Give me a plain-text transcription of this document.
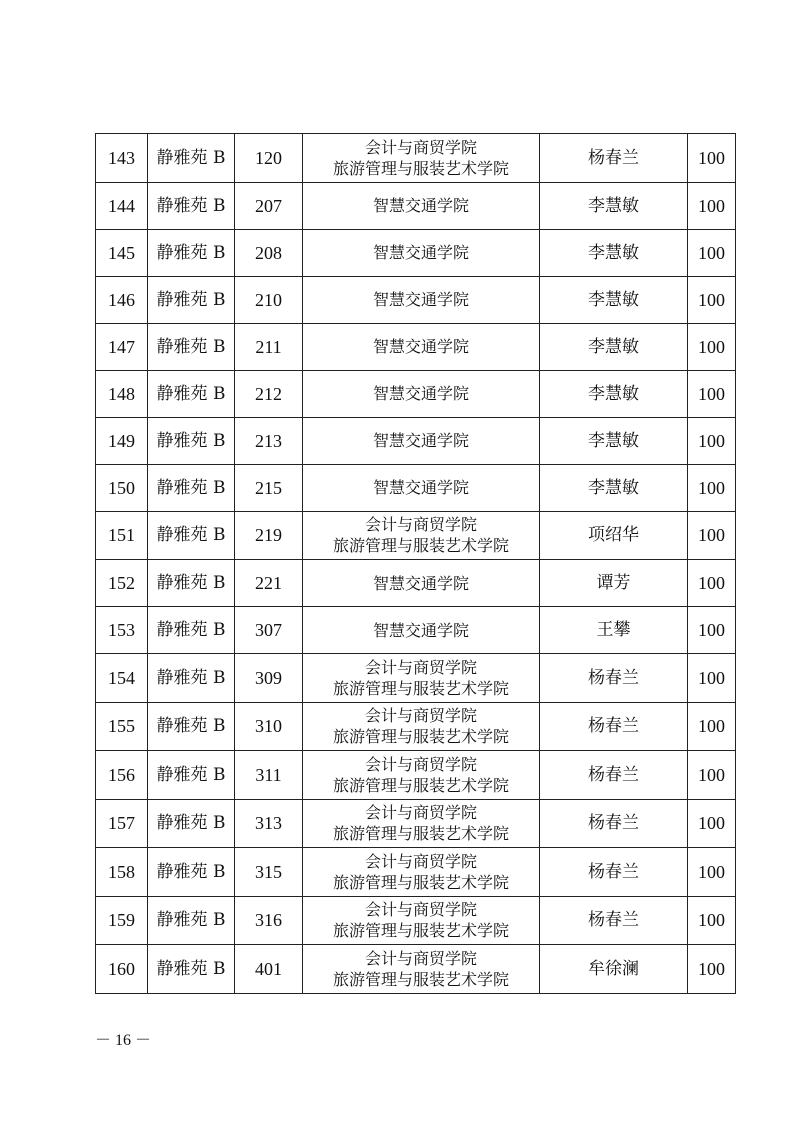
143	静雅苑 B	120	会计与商贸学院
旅游管理与服装艺术学院	杨春兰	100
144	静雅苑 B	207	智慧交通学院	李慧敏	100
145	静雅苑 B	208	智慧交通学院	李慧敏	100
146	静雅苑 B	210	智慧交通学院	李慧敏	100
147	静雅苑 B	211	智慧交通学院	李慧敏	100
148	静雅苑 B	212	智慧交通学院	李慧敏	100
149	静雅苑 B	213	智慧交通学院	李慧敏	100
150	静雅苑 B	215	智慧交通学院	李慧敏	100
151	静雅苑 B	219	会计与商贸学院
旅游管理与服装艺术学院	项绍华	100
152	静雅苑 B	221	智慧交通学院	谭芳	100
153	静雅苑 B	307	智慧交通学院	王攀	100
154	静雅苑 B	309	会计与商贸学院
旅游管理与服装艺术学院	杨春兰	100
155	静雅苑 B	310	会计与商贸学院
旅游管理与服装艺术学院	杨春兰	100
156	静雅苑 B	311	会计与商贸学院
旅游管理与服装艺术学院	杨春兰	100
157	静雅苑 B	313	会计与商贸学院
旅游管理与服装艺术学院	杨春兰	100
158	静雅苑 B	315	会计与商贸学院
旅游管理与服装艺术学院	杨春兰	100
159	静雅苑 B	316	会计与商贸学院
旅游管理与服装艺术学院	杨春兰	100
160	静雅苑 B	401	会计与商贸学院
旅游管理与服装艺术学院	牟徐澜	100
－ 16 －
